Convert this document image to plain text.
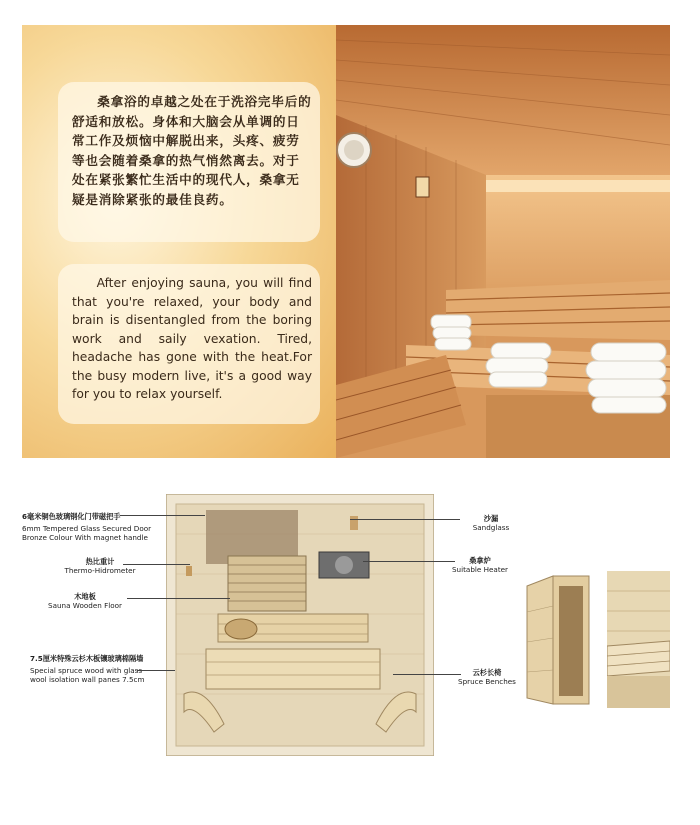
桑拿浴的卓越之处在于洗浴完毕后的舒适和放松。身体和大脑会从单调的日常工作及烦恼中解脱出来，头疼、疲劳等也会随着桑拿的热气悄然离去。对于处在紧张繁忙生活中的现代人，桑拿无疑是消除紧张的最佳良药。

After enjoying sauna, you will find that you're relaxed, your body and brain is disentangled from the boring work and saily vexation. Tired, headache has gone with the heat.For the busy modern live, it's a good way for you to relax yourself.

6毫米铜色玻璃钢化门带磁把手
6mm Tempered Glass Secured Door Bronze Colour With magnet handle
热比重计
Thermo-Hidrometer
木地板
Sauna Wooden Floor
7.5厘米特殊云杉木板镶玻璃棉隔墙
Special spruce wood with glass wool isolation wall panes 7.5cm
沙漏
Sandglass
桑拿炉
Suitable Heater
云杉长椅
Spruce Benches
